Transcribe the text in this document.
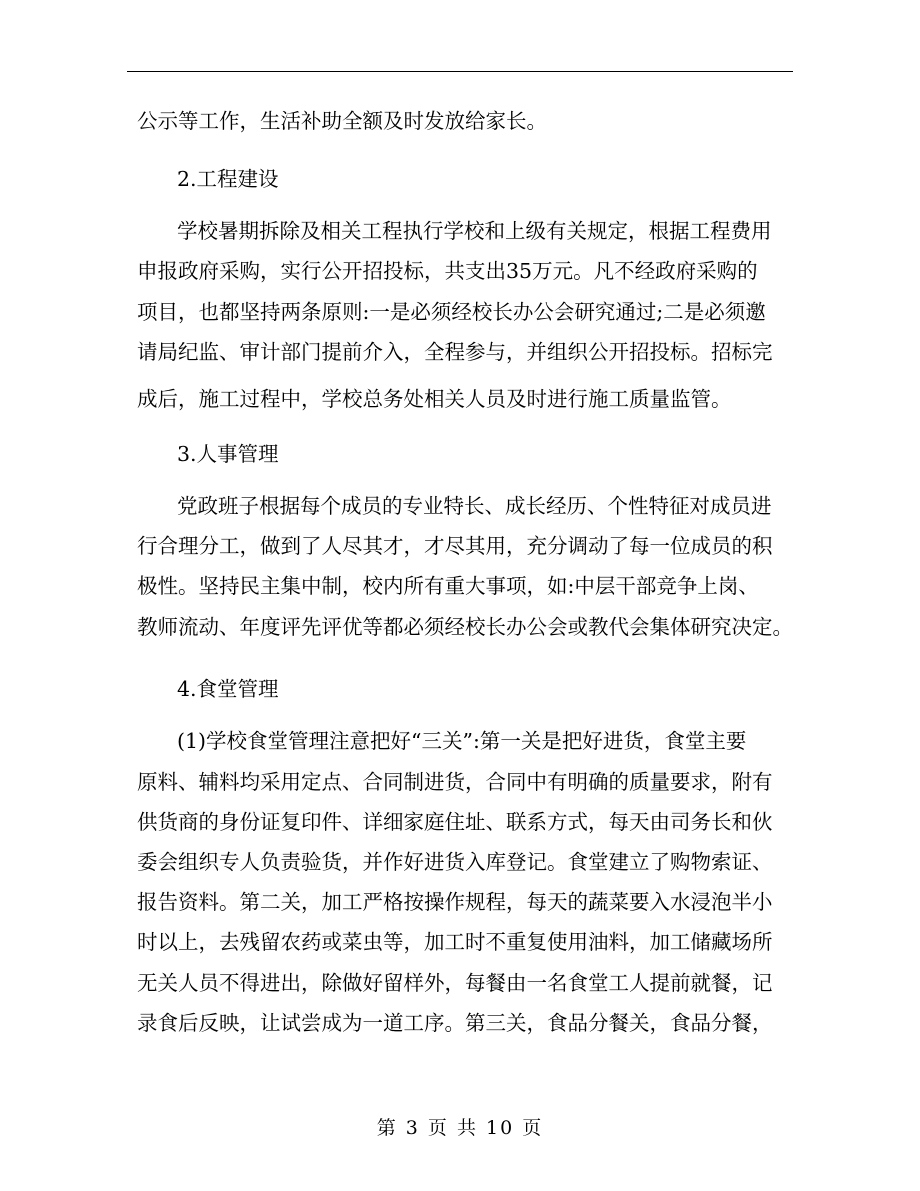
公示等工作，生活补助全额及时发放给家长。
2.工程建设
学校暑期拆除及相关工程执行学校和上级有关规定，根据工程费用
申报政府采购，实行公开招投标，共支出35万元。凡不经政府采购的
项目，也都坚持两条原则:一是必须经校长办公会研究通过;二是必须邀
请局纪监、审计部门提前介入，全程参与，并组织公开招投标。招标完
成后，施工过程中，学校总务处相关人员及时进行施工质量监管。
3.人事管理
党政班子根据每个成员的专业特长、成长经历、个性特征对成员进
行合理分工，做到了人尽其才，才尽其用，充分调动了每一位成员的积
极性。坚持民主集中制，校内所有重大事项，如:中层干部竞争上岗、
教师流动、年度评先评优等都必须经校长办公会或教代会集体研究决定。
4.食堂管理
(1)学校食堂管理注意把好“三关”:第一关是把好进货，食堂主要
原料、辅料均采用定点、合同制进货，合同中有明确的质量要求，附有
供货商的身份证复印件、详细家庭住址、联系方式，每天由司务长和伙
委会组织专人负责验货，并作好进货入库登记。食堂建立了购物索证、
报告资料。第二关，加工严格按操作规程，每天的蔬菜要入水浸泡半小
时以上，去残留农药或菜虫等，加工时不重复使用油料，加工储藏场所
无关人员不得进出，除做好留样外，每餐由一名食堂工人提前就餐，记
录食后反映，让试尝成为一道工序。第三关，食品分餐关，食品分餐，
第 3 页 共 10 页
